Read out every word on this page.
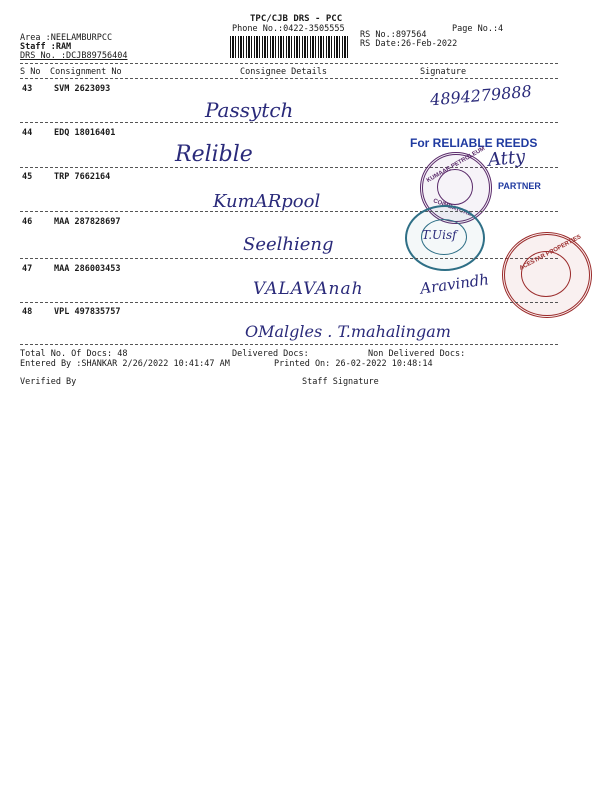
TPC/CJB DRS - PCC
Phone No.:0422-3505555	Page No.:4
Area :NEELAMBURPCC
Staff :RAM
DRS No. :DCJB89756404
RS No.:897564
RS Date:26-Feb-2022
S No Consignment No	Consignee Details	Signature
43	SVM 2623093
Passytch
4894279888
44	EDQ 18016401
Relible	For RELIABLE REEDS
Atty
PARTNER
KUMAAR PETROLEUM
COIMBATORE
45	TRP 7662164
KumARpool
46	MAA 287828697
Seelhieng	T.Uisf	ACESTAR PROPERTIES
47	MAA 286003453
VALAVAnah	Aravindh
48	VPL 497835757
OMalgles . T.mahalingam
Total No. Of Docs: 48	Delivered Docs:	Non Delivered Docs:
Entered By :SHANKAR 2/26/2022 10:41:47 AM	Printed On: 26-02-2022 10:48:14
Verified By	Staff Signature
